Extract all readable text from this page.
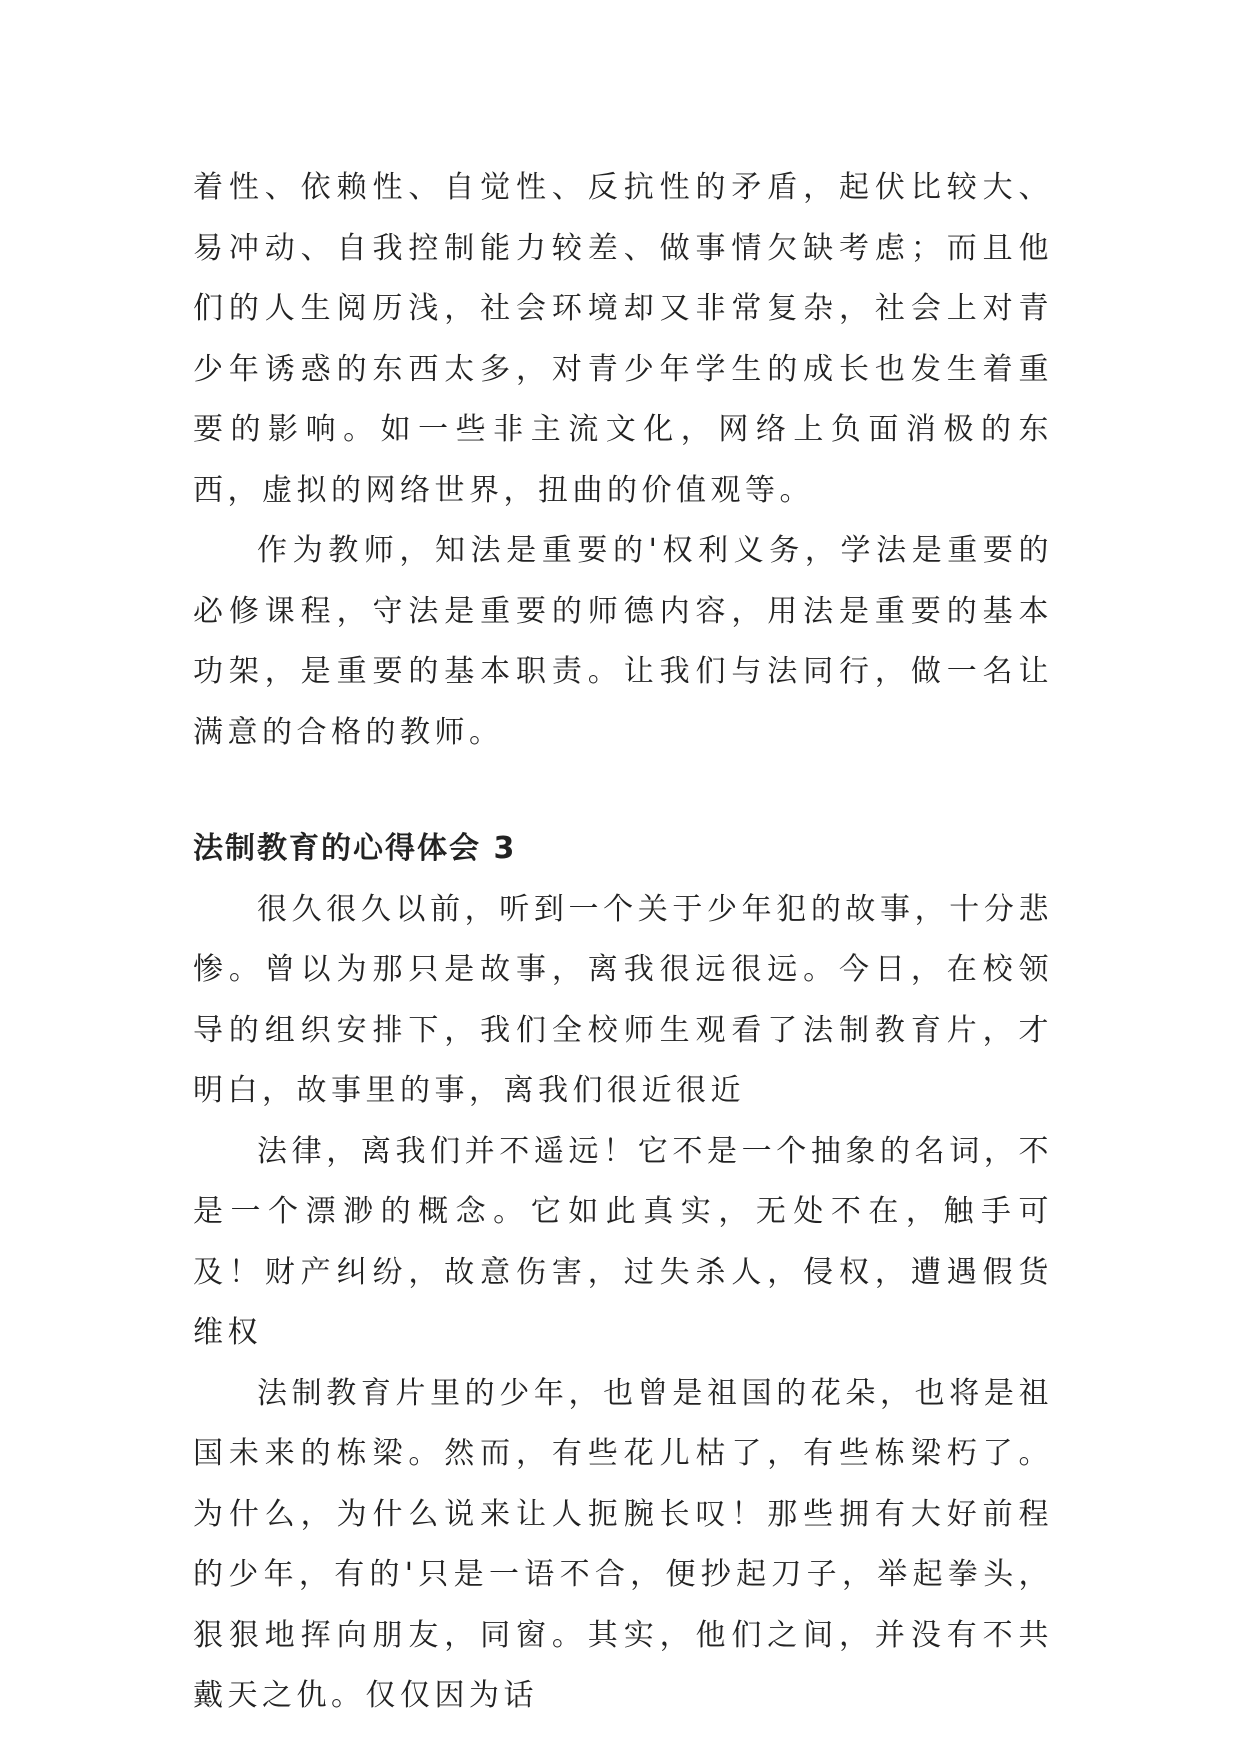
着性、依赖性、自觉性、反抗性的矛盾，起伏比较大、易冲动、自我控制能力较差、做事情欠缺考虑；而且他们的人生阅历浅，社会环境却又非常复杂，社会上对青少年诱惑的东西太多，对青少年学生的成长也发生着重要的影响。如一些非主流文化，网络上负面消极的东西，虚拟的网络世界，扭曲的价值观等。

作为教师，知法是重要的'权利义务，学法是重要的必修课程，守法是重要的师德内容，用法是重要的基本功架，是重要的基本职责。让我们与法同行，做一名让满意的合格的教师。

法制教育的心得体会 3

很久很久以前，听到一个关于少年犯的故事，十分悲惨。曾以为那只是故事，离我很远很远。今日，在校领导的组织安排下，我们全校师生观看了法制教育片，才明白，故事里的事，离我们很近很近

法律，离我们并不遥远！它不是一个抽象的名词，不是一个漂渺的概念。它如此真实，无处不在，触手可及！财产纠纷，故意伤害，过失杀人，侵权，遭遇假货维权

法制教育片里的少年，也曾是祖国的花朵，也将是祖国未来的栋梁。然而，有些花儿枯了，有些栋梁朽了。为什么，为什么说来让人扼腕长叹！那些拥有大好前程的少年，有的'只是一语不合，便抄起刀子，举起拳头，狠狠地挥向朋友，同窗。其实，他们之间，并没有不共戴天之仇。仅仅因为话
